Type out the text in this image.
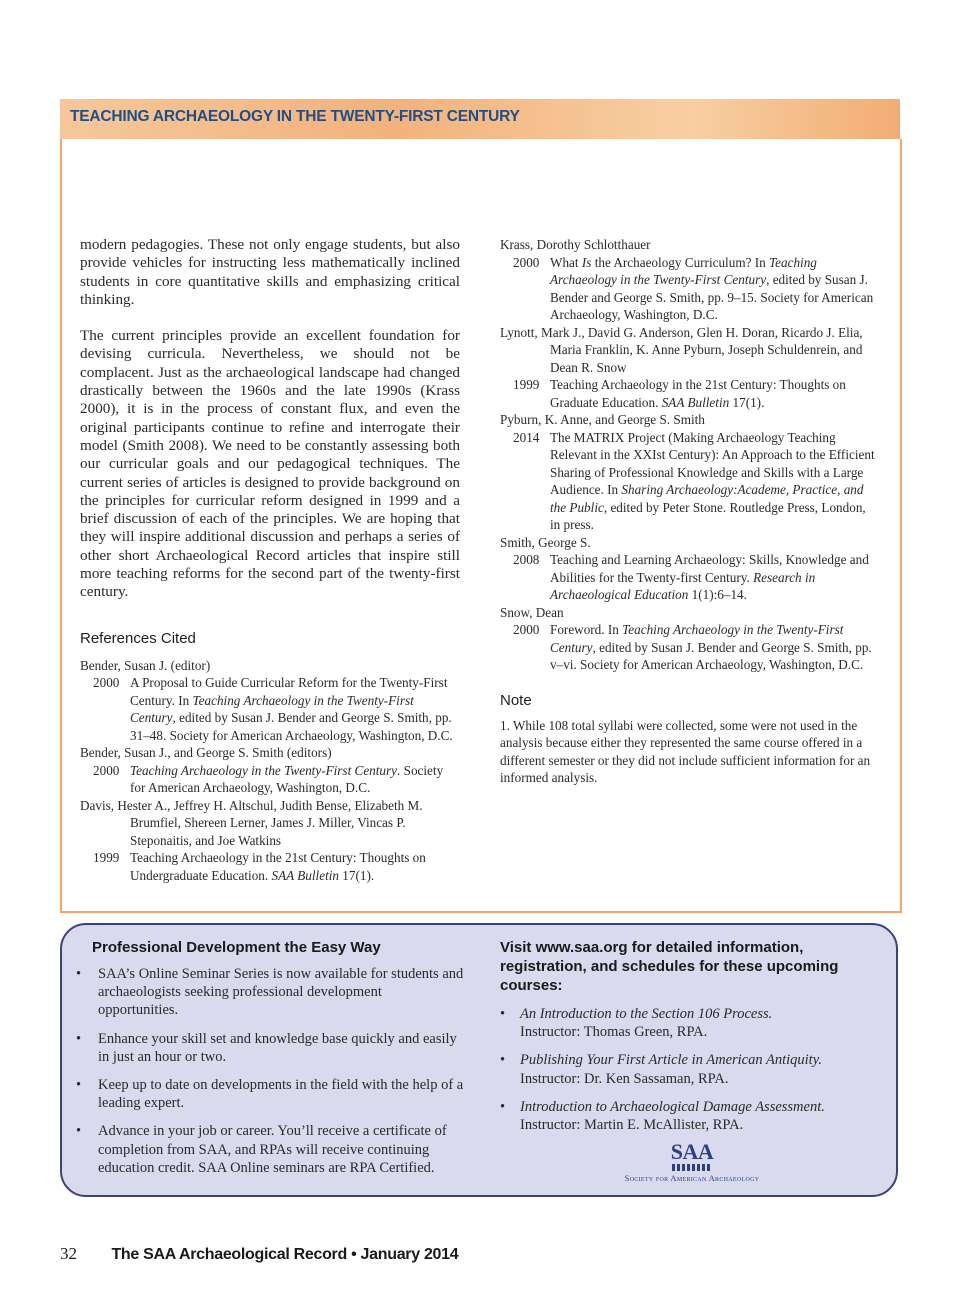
TEACHING ARCHAEOLOGY IN THE TWENTY-FIRST CENTURY

modern pedagogies. These not only engage students, but also provide vehicles for instructing less mathematically inclined students in core quantitative skills and emphasizing critical thinking.

The current principles provide an excellent foundation for devising curricula. Nevertheless, we should not be complacent. Just as the archaeological landscape had changed drastically between the 1960s and the late 1990s (Krass 2000), it is in the process of constant flux, and even the original participants continue to refine and interrogate their model (Smith 2008). We need to be constantly assessing both our curricular goals and our pedagogical techniques. The current series of articles is designed to provide background on the principles for curricular reform designed in 1999 and a brief discussion of each of the principles. We are hoping that they will inspire additional discussion and perhaps a series of other short Archaeological Record articles that inspire still more teaching reforms for the second part of the twenty-first century.

References Cited
Bender, Susan J. (editor)
2000 A Proposal to Guide Curricular Reform for the Twenty-First Century. In Teaching Archaeology in the Twenty-First Century, edited by Susan J. Bender and George S. Smith, pp. 31–48. Society for American Archaeology, Washington, D.C.
Bender, Susan J., and George S. Smith (editors)
2000 Teaching Archaeology in the Twenty-First Century. Society for American Archaeology, Washington, D.C.
Davis, Hester A., Jeffrey H. Altschul, Judith Bense, Elizabeth M. Brumfiel, Shereen Lerner, James J. Miller, Vincas P. Steponaitis, and Joe Watkins
1999 Teaching Archaeology in the 21st Century: Thoughts on Undergraduate Education. SAA Bulletin 17(1).
Krass, Dorothy Schlotthauer
2000 What Is the Archaeology Curriculum? In Teaching Archaeology in the Twenty-First Century, edited by Susan J. Bender and George S. Smith, pp. 9–15. Society for American Archaeology, Washington, D.C.
Lynott, Mark J., David G. Anderson, Glen H. Doran, Ricardo J. Elia, Maria Franklin, K. Anne Pyburn, Joseph Schuldenrein, and Dean R. Snow
1999 Teaching Archaeology in the 21st Century: Thoughts on Graduate Education. SAA Bulletin 17(1).
Pyburn, K. Anne, and George S. Smith
2014 The MATRIX Project (Making Archaeology Teaching Relevant in the XXIst Century): An Approach to the Efficient Sharing of Professional Knowledge and Skills with a Large Audience. In Sharing Archaeology:Academe, Practice, and the Public, edited by Peter Stone. Routledge Press, London, in press.
Smith, George S.
2008 Teaching and Learning Archaeology: Skills, Knowledge and Abilities for the Twenty-first Century. Research in Archaeological Education 1(1):6–14.
Snow, Dean
2000 Foreword. In Teaching Archaeology in the Twenty-First Century, edited by Susan J. Bender and George S. Smith, pp. v–vi. Society for American Archaeology, Washington, D.C.
Note
1. While 108 total syllabi were collected, some were not used in the analysis because either they represented the same course offered in a different semester or they did not include sufficient information for an informed analysis.
Professional Development the Easy Way
• SAA’s Online Seminar Series is now available for students and archaeologists seeking professional development opportunities.
• Enhance your skill set and knowledge base quickly and easily in just an hour or two.
• Keep up to date on developments in the field with the help of a leading expert.
• Advance in your job or career. You’ll receive a certificate of completion from SAA, and RPAs will receive continuing education credit. SAA Online seminars are RPA Certified.
Visit www.saa.org for detailed information, registration, and schedules for these upcoming courses:
• An Introduction to the Section 106 Process.
Instructor: Thomas Green, RPA.
• Publishing Your First Article in American Antiquity.
Instructor: Dr. Ken Sassaman, RPA.
• Introduction to Archaeological Damage Assessment.
Instructor: Martin E. McAllister, RPA.
SAA
Society for American Archaeology
32 The SAA Archaeological Record • January 2014
